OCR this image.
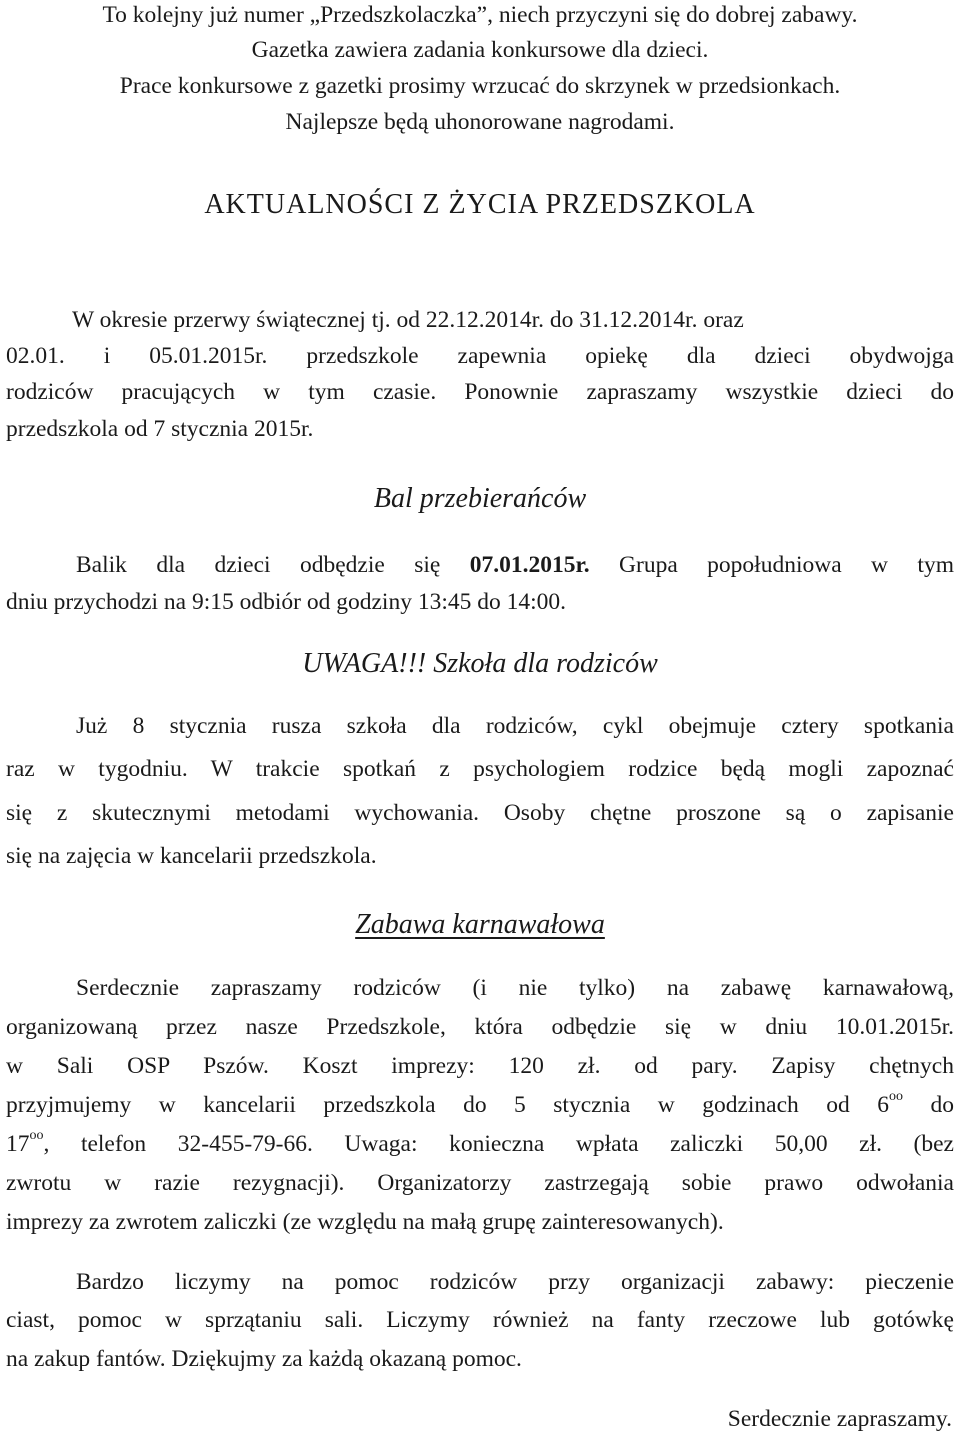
To kolejny już numer „Przedszkolaczka”, niech przyczyni się do dobrej zabawy.
Gazetka zawiera zadania konkursowe dla dzieci.
Prace konkursowe z gazetki prosimy wrzucać do skrzynek w przedsionkach.
Najlepsze będą uhonorowane nagrodami.
AKTUALNOŚCI Z ŻYCIA PRZEDSZKOLA
W okresie przerwy świątecznej tj. od 22.12.2014r. do 31.12.2014r. oraz
02.01. i 05.01.2015r. przedszkole zapewnia opiekę dla dzieci obydwojga
rodziców pracujących w tym czasie. Ponownie zapraszamy wszystkie dzieci do
przedszkola od 7 stycznia 2015r.
Bal przebierańców
Balik dla dzieci odbędzie się 07.01.2015r. Grupa popołudniowa w tym
dniu przychodzi na 9:15 odbiór od godziny 13:45 do 14:00.
UWAGA!!! Szkoła dla rodziców
Już 8 stycznia rusza szkoła dla rodziców, cykl obejmuje cztery spotkania
raz w tygodniu. W trakcie spotkań z psychologiem rodzice będą mogli zapoznać
się z skutecznymi metodami wychowania. Osoby chętne proszone są o zapisanie
się na zajęcia w kancelarii przedszkola.
Zabawa karnawałowa
Serdecznie zapraszamy rodziców (i nie tylko) na zabawę karnawałową,
organizowaną przez nasze Przedszkole, która odbędzie się w dniu 10.01.2015r.
w Sali OSP Pszów. Koszt imprezy: 120 zł. od pary. Zapisy chętnych
przyjmujemy w kancelarii przedszkola do 5 stycznia w godzinach od $6^{oo}$ do
$17^{oo}$, telefon 32-455-79-66. Uwaga: konieczna wpłata zaliczki 50,00 zł. (bez
zwrotu w razie rezygnacji). Organizatorzy zastrzegają sobie prawo odwołania
imprezy za zwrotem zaliczki (ze względu na małą grupę zainteresowanych).
Bardzo liczymy na pomoc rodziców przy organizacji zabawy: pieczenie
ciast, pomoc w sprzątaniu sali. Liczymy również na fanty rzeczowe lub gotówkę
na zakup fantów. Dziękujmy za każdą okazaną pomoc.
Serdecznie zapraszamy.
